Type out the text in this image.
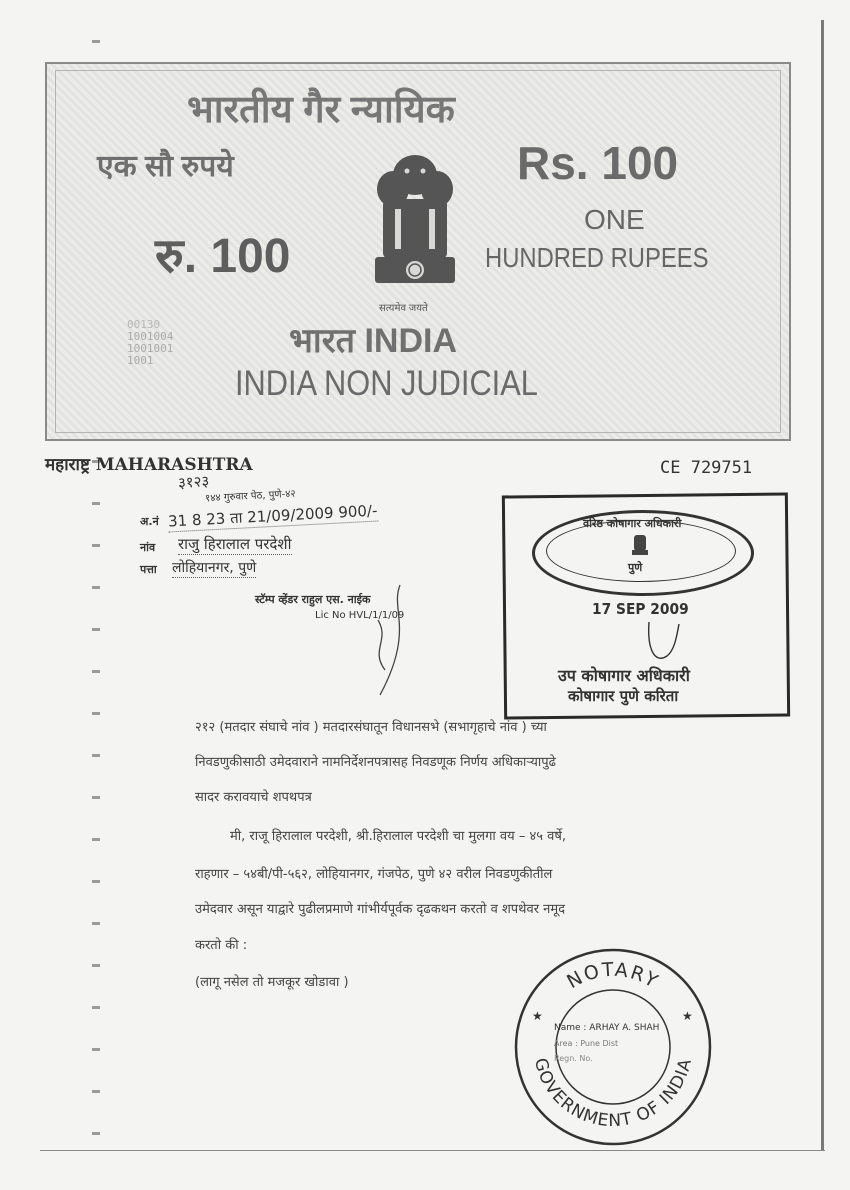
भारतीय गैर न्यायिक
एक सौ रुपये	Rs. 100
रु. 100
ONE
HUNDRED RUPEES
सत्यमेव जयते
00130
1001004
1001001
1001
भारत INDIA
INDIA NON JUDICIAL
महाराष्ट्र MAHARASHTRA	CE 729751
३१२३
१४४ गुरुवार पेठ, पुणे-४२
अ.नं 31 8 23 ता 21/09/2009 900/-
नांव राजु हिरालाल परदेशी
पत्ता लोहियानगर, पुणे
स्टॅम्प व्हेंडर राहुल एस. नाईक
Lic No HVL/1/1/09
वरिष्ठ कोषागार अधिकारी
पुणे
17 SEP 2009
उप कोषागार अधिकारी
कोषागार पुणे करिता
२१२ (मतदार संघाचे नांव ) मतदारसंघातून विधानसभे (सभागृहाचे नांव ) च्या
निवडणुकीसाठी उमेदवाराने नामनिर्देशनपत्रासह निवडणूक निर्णय अधिकाऱ्यापुढे
सादर करावयाचे शपथपत्र
मी, राजू हिरालाल परदेशी, श्री.हिरालाल परदेशी चा मुलगा वय – ४५ वर्षे,
राहणार – ५४बी/पी-५६२, लोहियानगर, गंजपेठ, पुणे ४२ वरील निवडणुकीतील
उमेदवार असून याद्वारे पुढीलप्रमाणे गांभीर्यपूर्वक दृढकथन करतो व शपथेवर नमूद
करतो की :
(लागू नसेल तो मजकूर खोडावा )	NOTARY
GOVERNMENT OF INDIA
★	★
Name : ARHAY A. SHAH
Area : Pune Dist
Regn. No.
